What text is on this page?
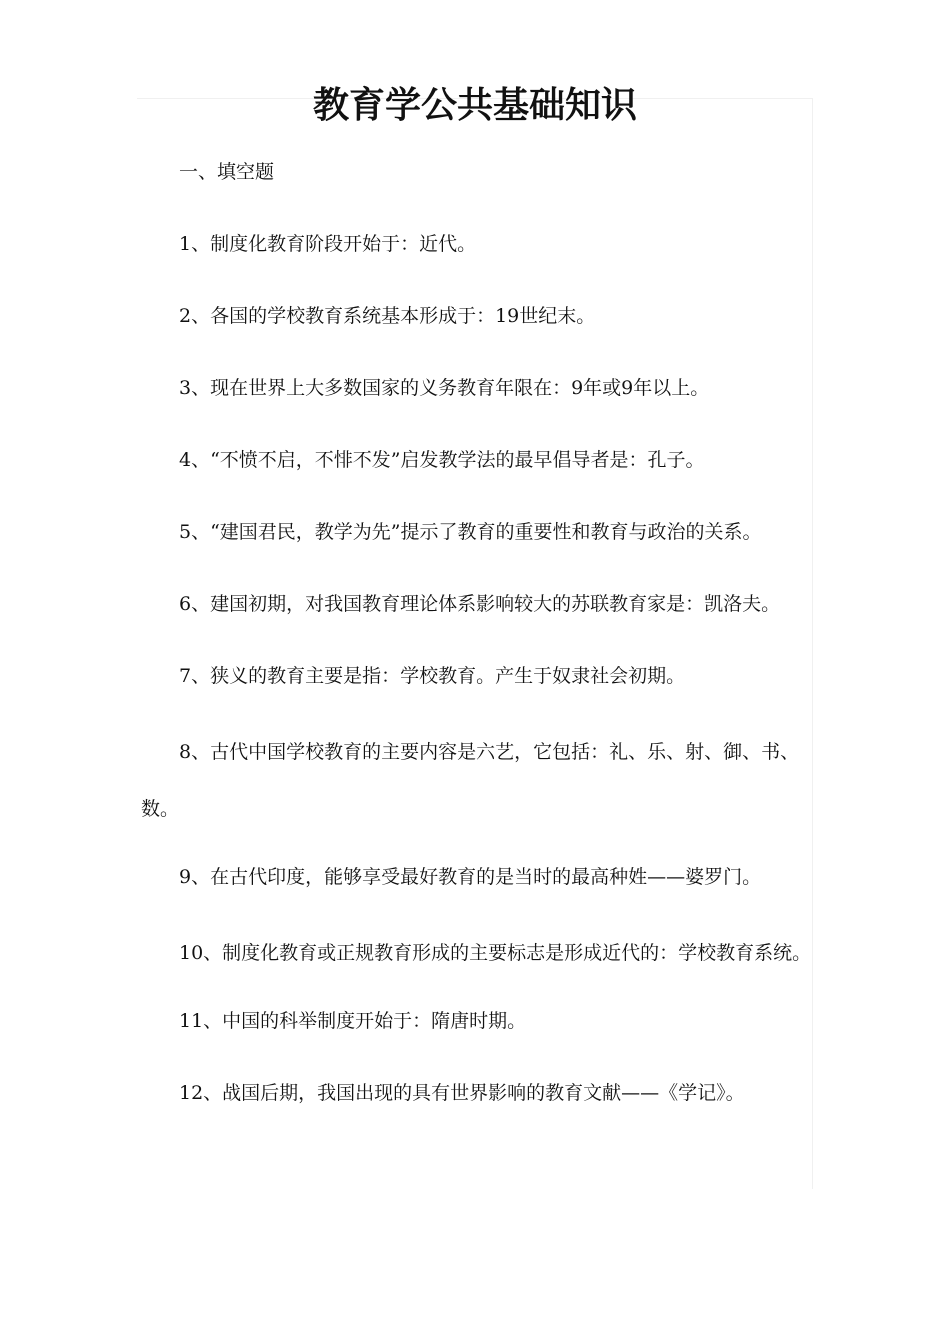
教育学公共基础知识
一、填空题
1、制度化教育阶段开始于：近代。
2、各国的学校教育系统基本形成于：19世纪末。
3、现在世界上大多数国家的义务教育年限在：9年或9年以上。
4、“不愤不启，不悱不发”启发教学法的最早倡导者是：孔子。
5、“建国君民，教学为先”提示了教育的重要性和教育与政治的关系。
6、建国初期，对我国教育理论体系影响较大的苏联教育家是：凯洛夫。
7、狭义的教育主要是指：学校教育。产生于奴隶社会初期。
8、古代中国学校教育的主要内容是六艺，它包括：礼、乐、射、御、书、数。
9、在古代印度，能够享受最好教育的是当时的最高种姓——婆罗门。
10、制度化教育或正规教育形成的主要标志是形成近代的：学校教育系统。
11、中国的科举制度开始于：隋唐时期。
12、战国后期，我国出现的具有世界影响的教育文献——《学记》。
